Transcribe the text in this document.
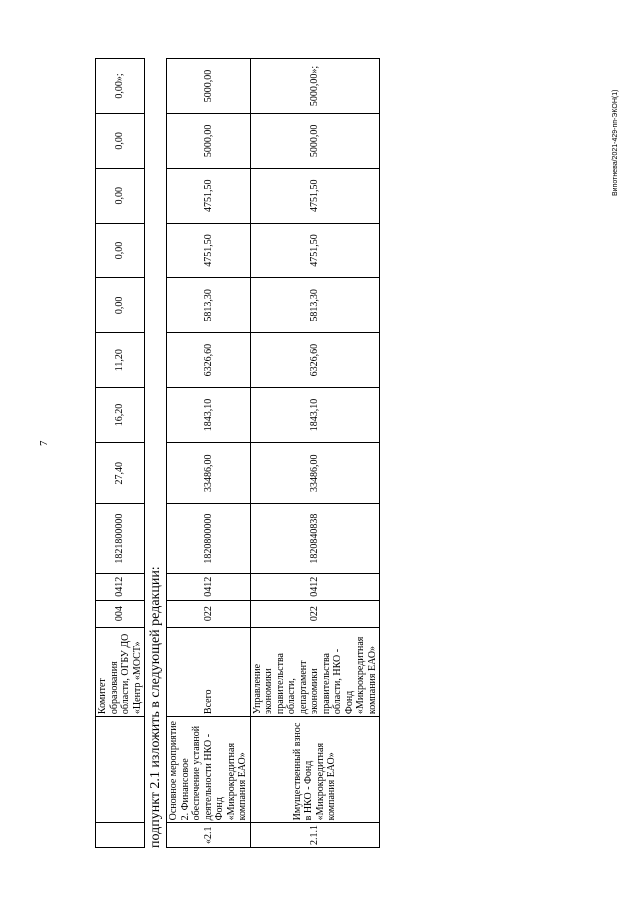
7
		Комитет образования области, ОГБУ ДО «Центр «МОСТ»	004	0412	1821800000	27,40	16,20	11,20	0,00	0,00	0,00	0,00	0,00»;
подпункт 2.1 изложить в следующей редакции:	«2.1	Основное мероприятие 2. Финансовое обеспечение уставной деятельности НКО - Фонд «Микрокредитная компания ЕАО»	Всего	022	0412	1820800000	33486,00	1843,10	6326,60	5813,30	4751,50	4751,50	5000,00	5000,00
2.1.1	Имущественный взнос в НКО - Фонд «Микрокредитная компания ЕАО»	Управление экономики правительства области, департамент экономики правительства области, НКО - Фонд «Микрокредитная компания ЕАО»	022	0412	1820840838	33486,00	1843,10	6326,60	5813,30	4751,50	4751,50	5000,00	5000,00»;
Випотнева/2021-429-пп-ЭКОН(1)
